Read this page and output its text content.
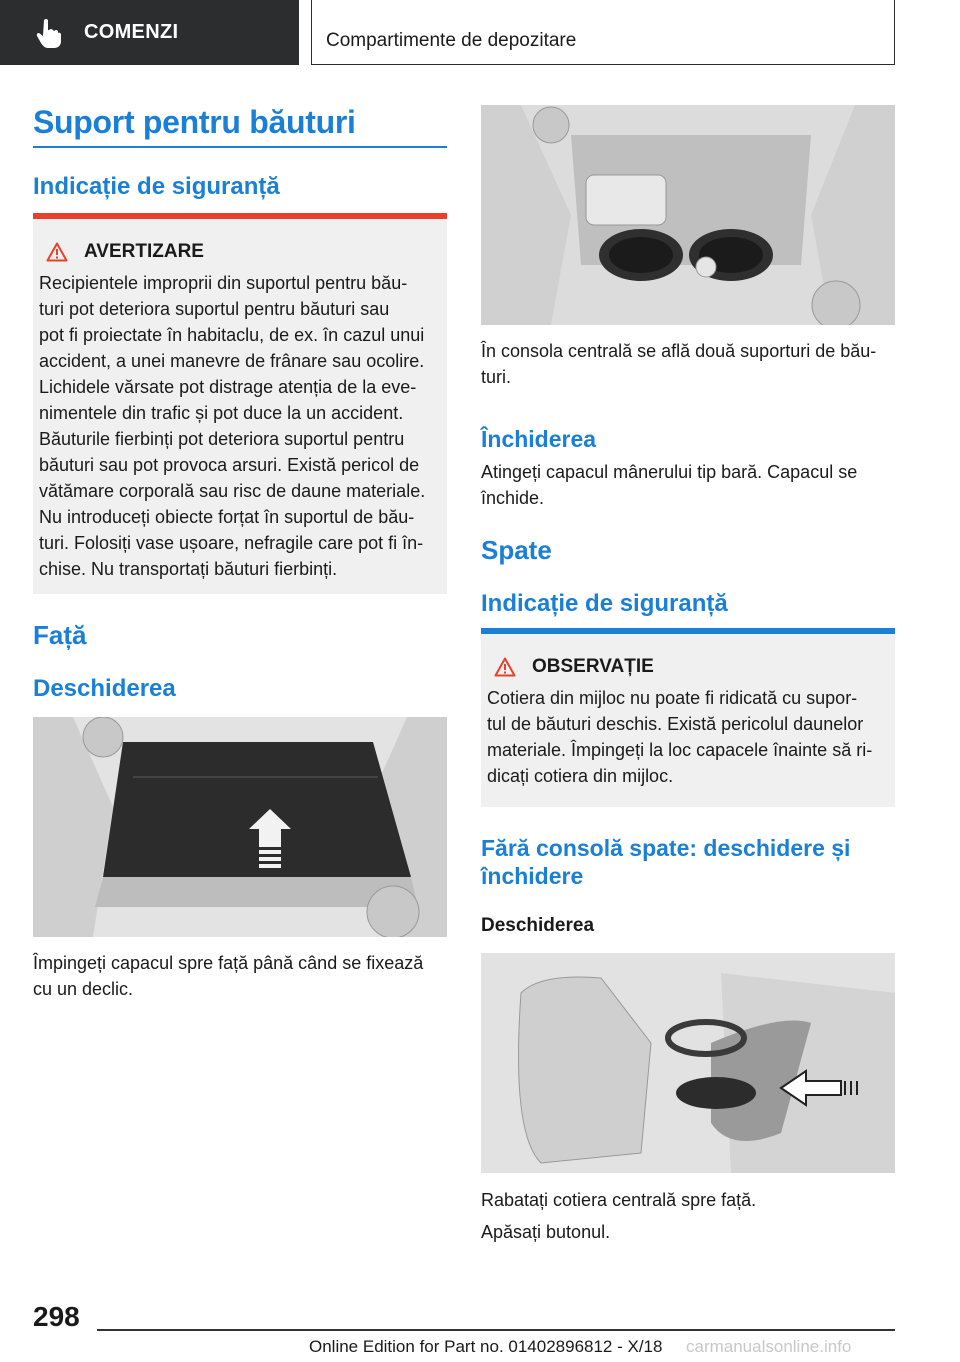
COMENZI	Compartimente de depozitare
Suport pentru băuturi
Indicație de siguranță
AVERTIZARE
Recipientele improprii din suportul pentru bău-
turi pot deteriora suportul pentru băuturi sau
pot fi proiectate în habitaclu, de ex. în cazul unui
accident, a unei manevre de frânare sau ocolire.
Lichidele vărsate pot distrage atenția de la eve-
nimentele din trafic și pot duce la un accident.
Băuturile fierbinți pot deteriora suportul pentru
băuturi sau pot provoca arsuri. Există pericol de
vătămare corporală sau risc de daune materiale.
Nu introduceți obiecte forțat în suportul de bău-
turi. Folosiți vase ușoare, nefragile care pot fi în-
chise. Nu transportați băuturi fierbinți.
Față
Deschiderea
Împingeți capacul spre față până când se fixează
cu un declic.
În consola centrală se află două suporturi de bău-
turi.
Închiderea
Atingeți capacul mânerului tip bară. Capacul se
închide.
Spate
Indicație de siguranță
OBSERVAȚIE
Cotiera din mijloc nu poate fi ridicată cu supor-
tul de băuturi deschis. Există pericolul daunelor
materiale. Împingeți la loc capacele înainte să ri-
dicați cotiera din mijloc.
Fără consolă spate: deschidere și
închidere
Deschiderea
Rabatați cotiera centrală spre față.
Apăsați butonul.
298
Online Edition for Part no. 01402896812 - X/18 carmanualsonline.info
